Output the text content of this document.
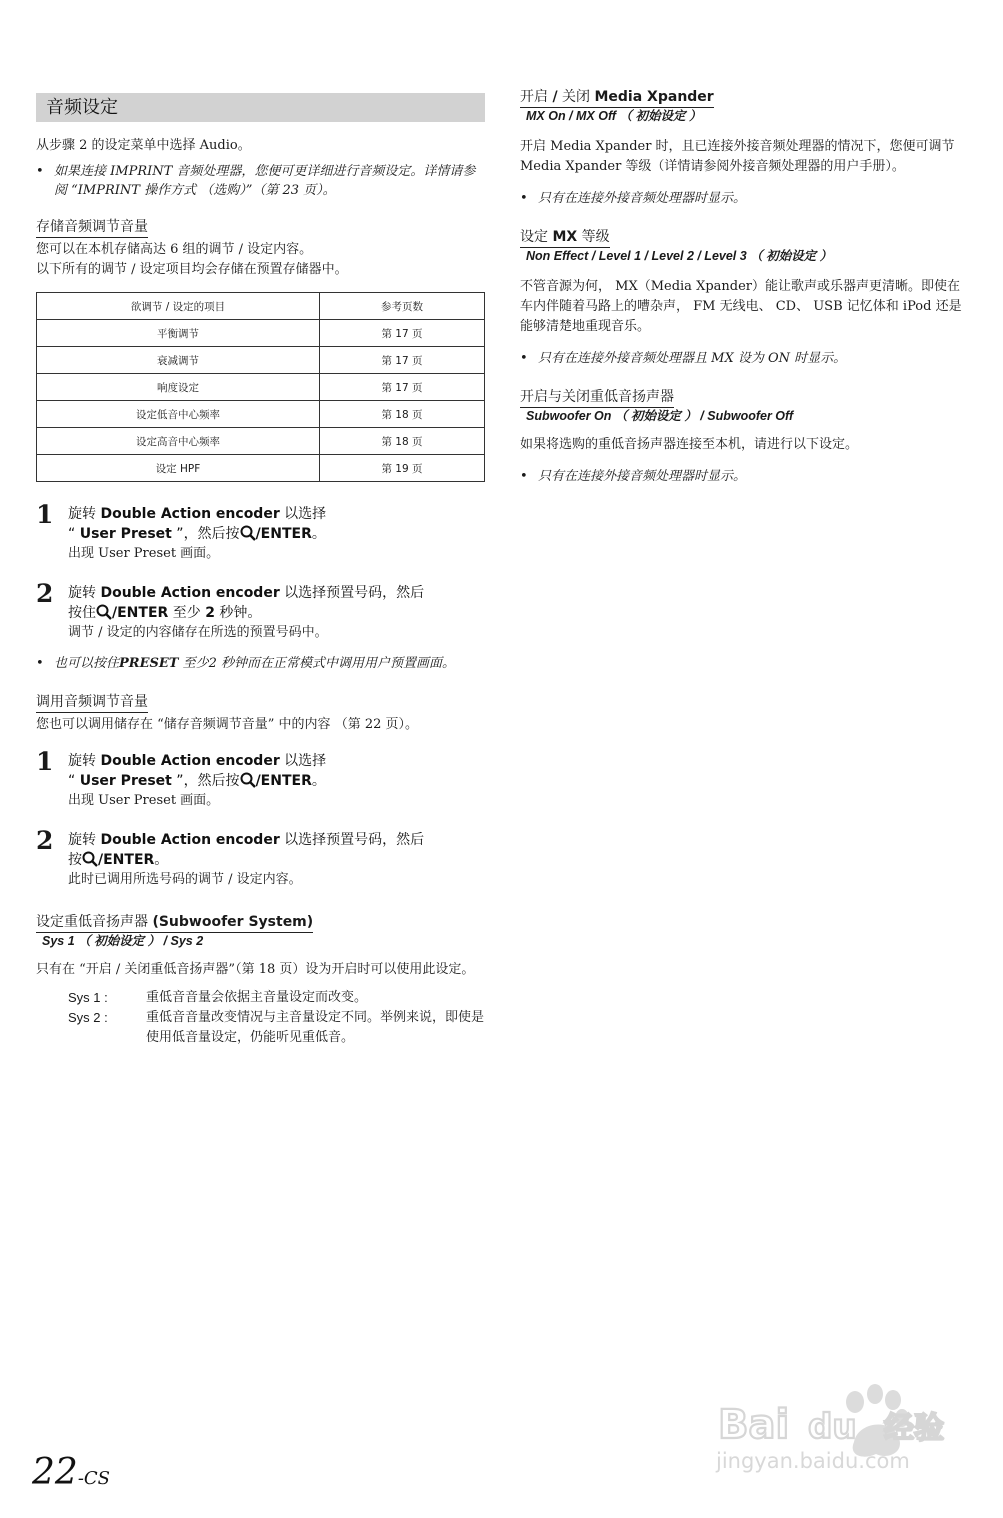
音频设定

从步骤 2 的设定菜单中选择 Audio。

• 如果连接 IMPRINT 音频处理器，您便可更详细进行音频设定。详情请参阅 “IMPRINT 操作方式 （选购）”（第 23 页）。

存储音频调节音量

您可以在本机存储高达 6 组的调节 / 设定内容。

以下所有的调节 / 设定项目均会存储在预置存储器中。

欲调节 / 设定的项目	参考页数
平衡调节	第 17 页
衰减调节	第 17 页
响度设定	第 17 页
设定低音中心频率	第 18 页
设定高音中心频率	第 18 页
设定 HPF	第 19 页
1 旋转 Double Action encoder 以选择
“ User Preset ”，然后按 /ENTER。
出现 User Preset 画面。
2 旋转 Double Action encoder 以选择预置号码，然后
按住 /ENTER 至少 2 秒钟。
调节 / 设定的内容储存在所选的预置号码中。

• 也可以按住PRESET 至少2 秒钟而在正常模式中调用用户预置画面。

调用音频调节音量

您也可以调用储存在 “储存音频调节音量” 中的内容 （第 22 页）。

1 旋转 Double Action encoder 以选择
“ User Preset ”，然后按 /ENTER。
出现 User Preset 画面。
2 旋转 Double Action encoder 以选择预置号码，然后
按 /ENTER。
此时已调用所选号码的调节 / 设定内容。
设定重低音扬声器 (Subwoofer System)
Sys 1 （ 初始设定 ） / Sys 2

只有在 “开启 / 关闭重低音扬声器”（第 18 页）设为开启时可以使用此设定。

Sys 1 :	重低音音量会依据主音量设定而改变。
Sys 2 :	重低音音量改变情况与主音量设定不同。举例来说，即使是使用低音量设定，仍能听见重低音。
开启 / 关闭 Media Xpander
MX On / MX Off （ 初始设定 ）

开启 Media Xpander 时，且已连接外接音频处理器的情况下，您便可调节 Media Xpander 等级（详情请参阅外接音频处理器的用户手册）。

• 只有在连接外接音频处理器时显示。

设定 MX 等级
Non Effect / Level 1 / Level 2 / Level 3 （ 初始设定 ）

不管音源为何， MX（Media Xpander）能让歌声或乐器声更清晰。即使在车内伴随着马路上的嘈杂声， FM 无线电、 CD、 USB 记忆体和 iPod 还是能够清楚地重现音乐。

• 只有在连接外接音频处理器且 MX 设为 ON 时显示。

开启与关闭重低音扬声器
Subwoofer On （ 初始设定 ） / Subwoofer Off

如果将选购的重低音扬声器连接至本机，请进行以下设定。

• 只有在连接外接音频处理器时显示。

22-CS
Bai du 经验
jingyan.baidu.com
